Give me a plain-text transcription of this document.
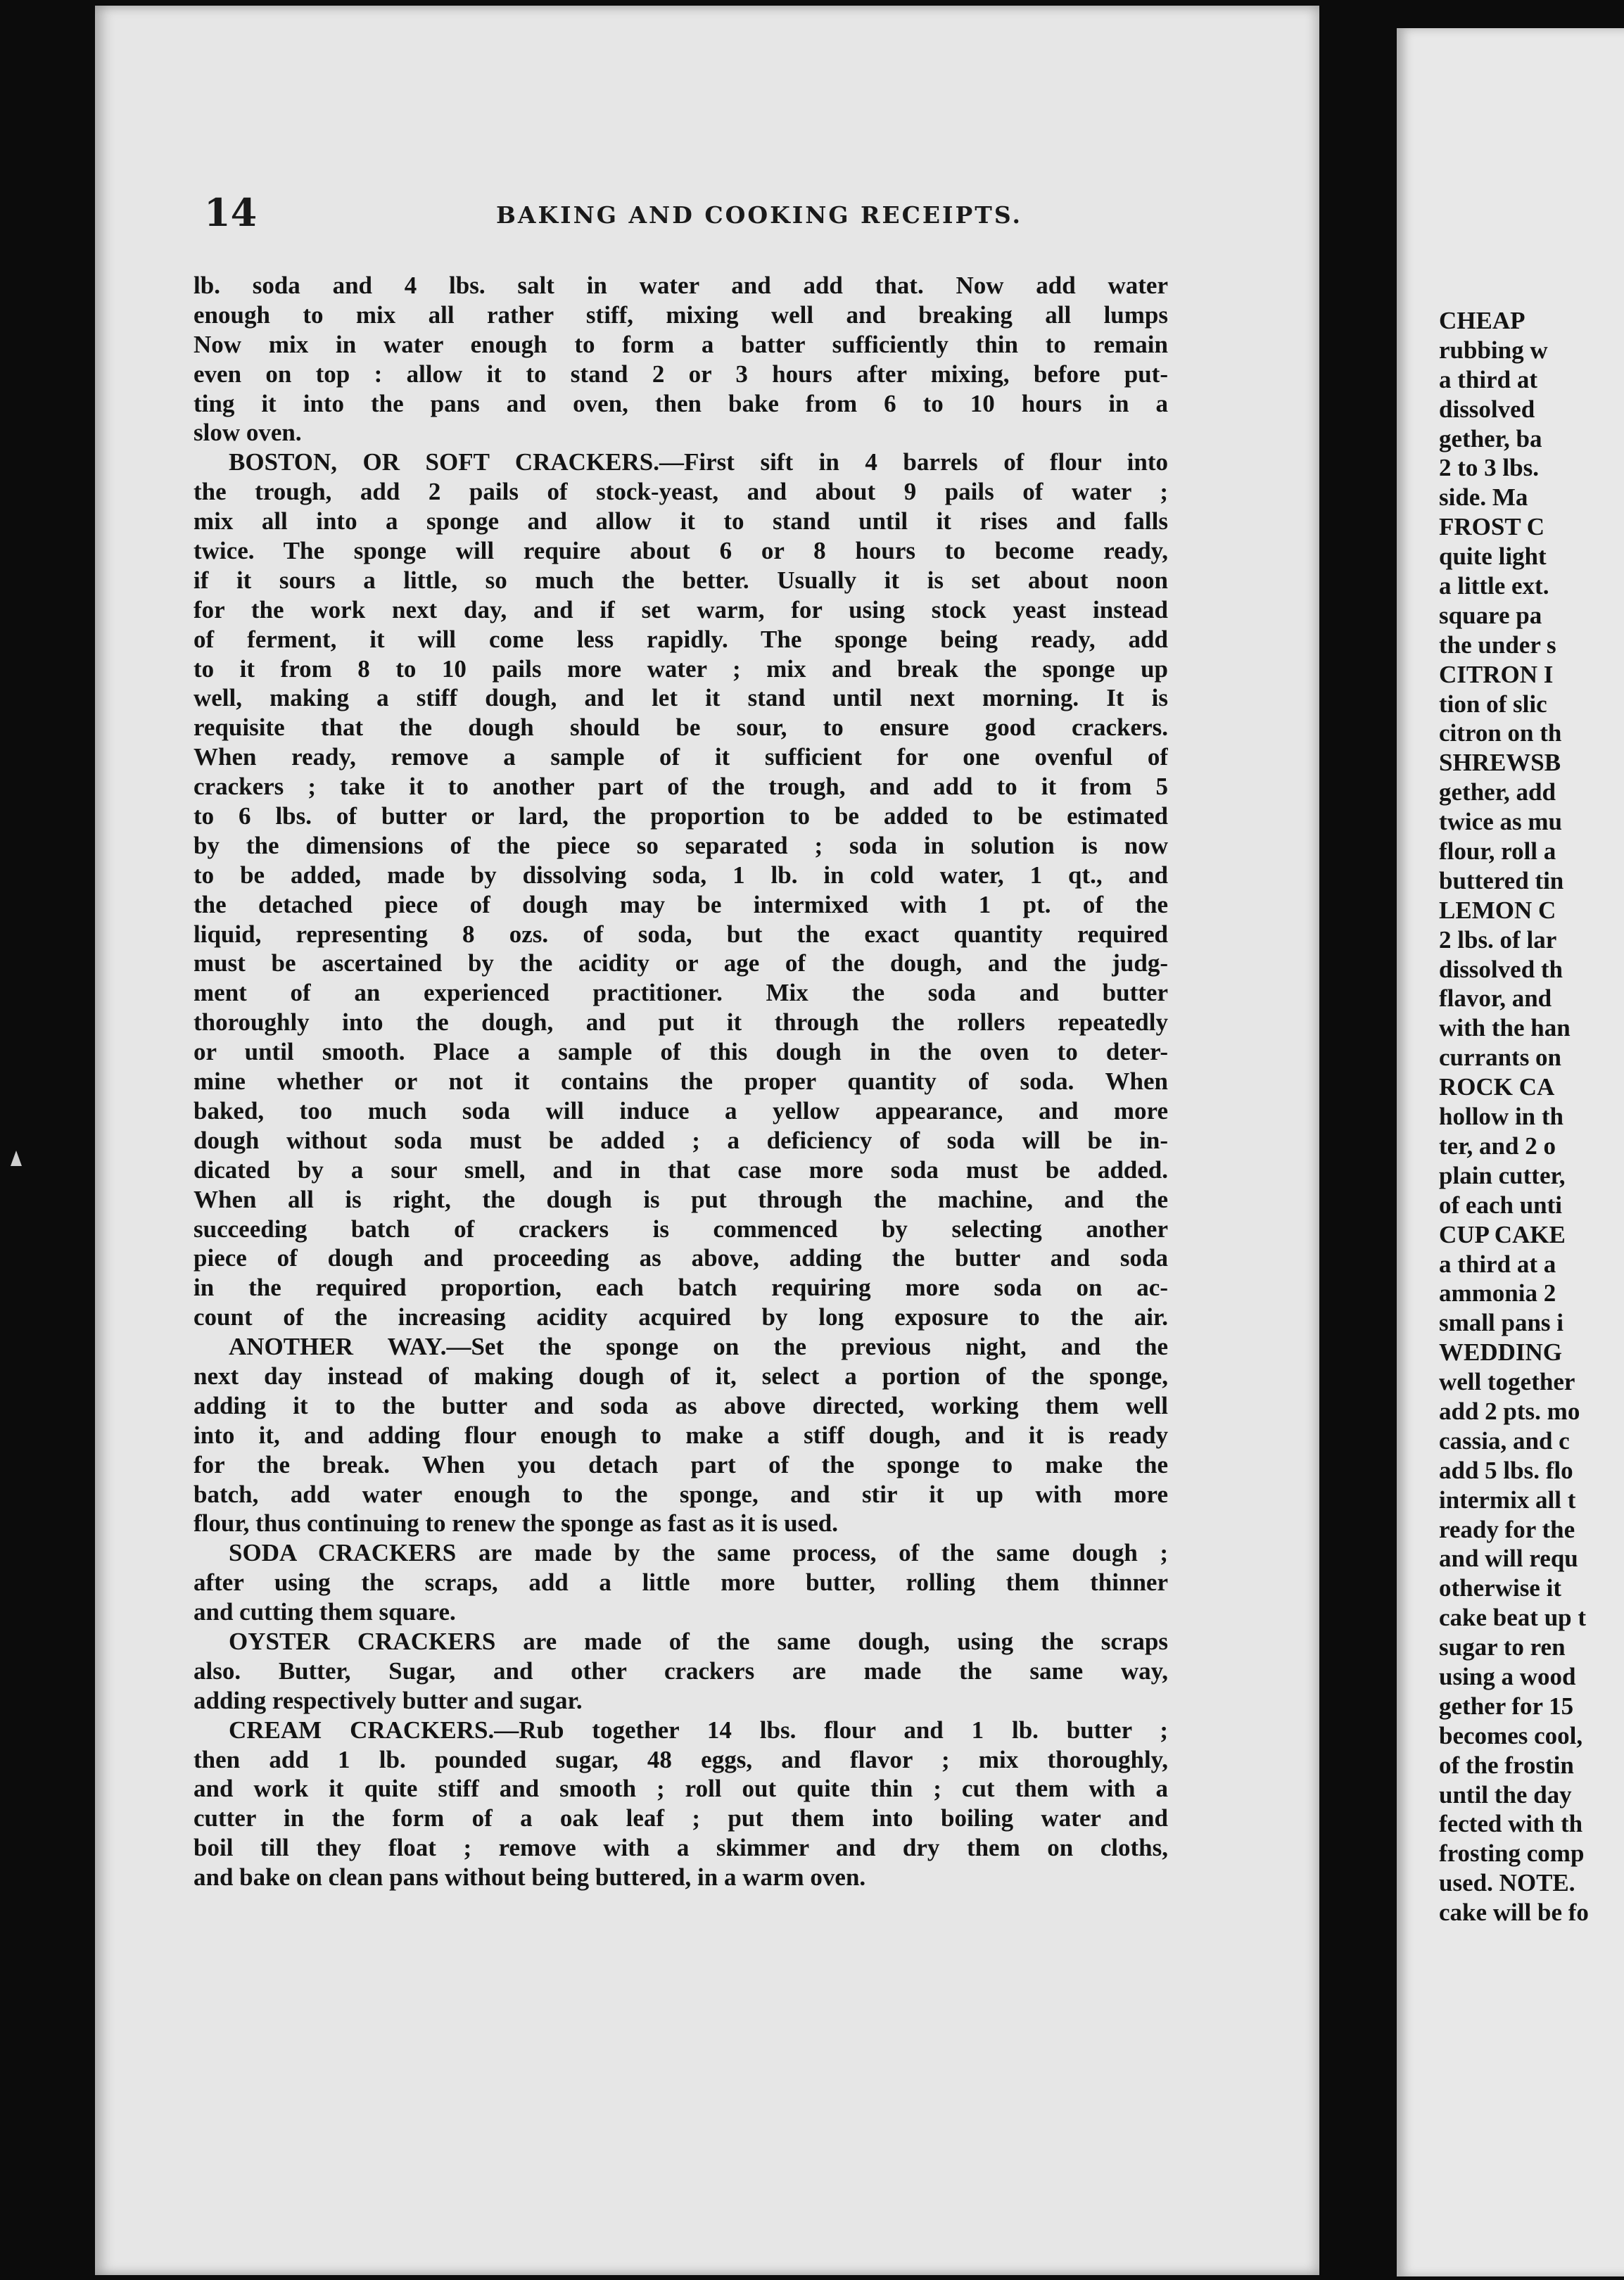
CHEAP
rubbing w
a third at
dissolved
gether, ba
2 to 3 lbs.
side. Ma
FROST C
quite light
a little ext.
square pa
the under s
CITRON I
tion of slic
citron on th
SHREWSB
gether, add
twice as mu
flour, roll a
buttered tin
LEMON C
2 lbs. of lar
dissolved th
flavor, and
with the han
currants on
ROCK CA
hollow in th
ter, and 2 o
plain cutter,
of each unti
CUP CAKE
a third at a
ammonia 2
small pans i
WEDDING
well together
add 2 pts. mo
cassia, and c
add 5 lbs. flo
intermix all t
ready for the
and will requ
otherwise it
cake beat up t
sugar to ren
using a wood
gether for 15
becomes cool,
of the frostin
until the day
fected with th
frosting comp
used. NOTE.
cake will be fo
14	BAKING AND COOKING RECEIPTS.
lb. soda and 4 lbs. salt in water and add that. Now add water
enough to mix all rather stiff, mixing well and breaking all lumps
Now mix in water enough to form a batter sufficiently thin to remain
even on top : allow it to stand 2 or 3 hours after mixing, before put-
ting it into the pans and oven, then bake from 6 to 10 hours in a
slow oven.
BOSTON, OR SOFT CRACKERS.—First sift in 4 barrels of flour into
the trough, add 2 pails of stock-yeast, and about 9 pails of water ;
mix all into a sponge and allow it to stand until it rises and falls
twice. The sponge will require about 6 or 8 hours to become ready,
if it sours a little, so much the better. Usually it is set about noon
for the work next day, and if set warm, for using stock yeast instead
of ferment, it will come less rapidly. The sponge being ready, add
to it from 8 to 10 pails more water ; mix and break the sponge up
well, making a stiff dough, and let it stand until next morning. It is
requisite that the dough should be sour, to ensure good crackers.
When ready, remove a sample of it sufficient for one ovenful of
crackers ; take it to another part of the trough, and add to it from 5
to 6 lbs. of butter or lard, the proportion to be added to be estimated
by the dimensions of the piece so separated ; soda in solution is now
to be added, made by dissolving soda, 1 lb. in cold water, 1 qt., and
the detached piece of dough may be intermixed with 1 pt. of the
liquid, representing 8 ozs. of soda, but the exact quantity required
must be ascertained by the acidity or age of the dough, and the judg-
ment of an experienced practitioner. Mix the soda and butter
thoroughly into the dough, and put it through the rollers repeatedly
or until smooth. Place a sample of this dough in the oven to deter-
mine whether or not it contains the proper quantity of soda. When
baked, too much soda will induce a yellow appearance, and more
dough without soda must be added ; a deficiency of soda will be in-
dicated by a sour smell, and in that case more soda must be added.
When all is right, the dough is put through the machine, and the
succeeding batch of crackers is commenced by selecting another
piece of dough and proceeding as above, adding the butter and soda
in the required proportion, each batch requiring more soda on ac-
count of the increasing acidity acquired by long exposure to the air.
ANOTHER WAY.—Set the sponge on the previous night, and the
next day instead of making dough of it, select a portion of the sponge,
adding it to the butter and soda as above directed, working them well
into it, and adding flour enough to make a stiff dough, and it is ready
for the break. When you detach part of the sponge to make the
batch, add water enough to the sponge, and stir it up with more
flour, thus continuing to renew the sponge as fast as it is used.
SODA CRACKERS are made by the same process, of the same dough ;
after using the scraps, add a little more butter, rolling them thinner
and cutting them square.
OYSTER CRACKERS are made of the same dough, using the scraps
also. Butter, Sugar, and other crackers are made the same way,
adding respectively butter and sugar.
CREAM CRACKERS.—Rub together 14 lbs. flour and 1 lb. butter ;
then add 1 lb. pounded sugar, 48 eggs, and flavor ; mix thoroughly,
and work it quite stiff and smooth ; roll out quite thin ; cut them with a
cutter in the form of a oak leaf ; put them into boiling water and
boil till they float ; remove with a skimmer and dry them on cloths,
and bake on clean pans without being buttered, in a warm oven.
